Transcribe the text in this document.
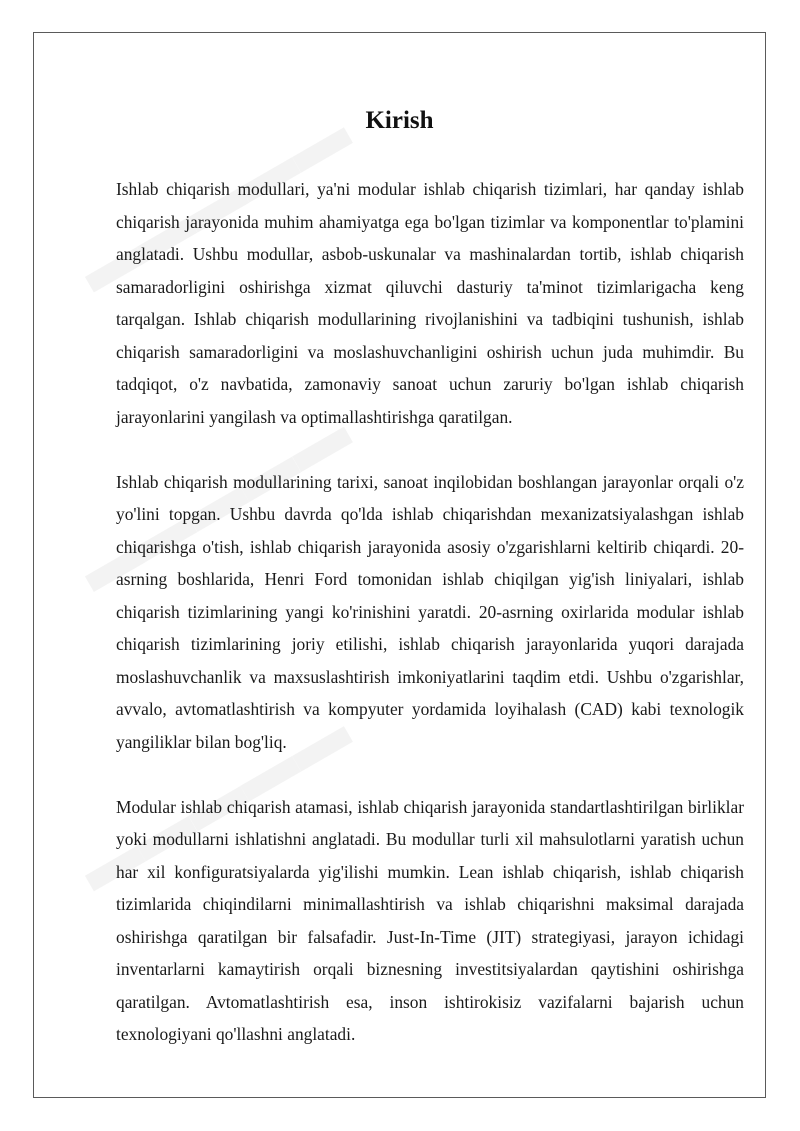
Kirish

Ishlab chiqarish modullari, ya'ni modular ishlab chiqarish tizimlari, har qanday ishlab chiqarish jarayonida muhim ahamiyatga ega bo'lgan tizimlar va komponentlar to'plamini anglatadi. Ushbu modullar, asbob-uskunalar va mashinalardan tortib, ishlab chiqarish samaradorligini oshirishga xizmat qiluvchi dasturiy ta'minot tizimlarigacha keng tarqalgan. Ishlab chiqarish modullarining rivojlanishini va tadbiqini tushunish, ishlab chiqarish samaradorligini va moslashuvchanligini oshirish uchun juda muhimdir. Bu tadqiqot, o'z navbatida, zamonaviy sanoat uchun zaruriy bo'lgan ishlab chiqarish jarayonlarini yangilash va optimallashtirishga qaratilgan.

Ishlab chiqarish modullarining tarixi, sanoat inqilobidan boshlangan jarayonlar orqali o'z yo'lini topgan. Ushbu davrda qo'lda ishlab chiqarishdan mexanizatsiyalashgan ishlab chiqarishga o'tish, ishlab chiqarish jarayonida asosiy o'zgarishlarni keltirib chiqardi. 20-asrning boshlarida, Henri Ford tomonidan ishlab chiqilgan yig'ish liniyalari, ishlab chiqarish tizimlarining yangi ko'rinishini yaratdi. 20-asrning oxirlarida modular ishlab chiqarish tizimlarining joriy etilishi, ishlab chiqarish jarayonlarida yuqori darajada moslashuvchanlik va maxsuslashtirish imkoniyatlarini taqdim etdi. Ushbu o'zgarishlar, avvalo, avtomatlashtirish va kompyuter yordamida loyihalash (CAD) kabi texnologik yangiliklar bilan bog'liq.

Modular ishlab chiqarish atamasi, ishlab chiqarish jarayonida standartlashtirilgan birliklar yoki modullarni ishlatishni anglatadi. Bu modullar turli xil mahsulotlarni yaratish uchun har xil konfiguratsiyalarda yig'ilishi mumkin. Lean ishlab chiqarish, ishlab chiqarish tizimlarida chiqindilarni minimallashtirish va ishlab chiqarishni maksimal darajada oshirishga qaratilgan bir falsafadir. Just-In-Time (JIT) strategiyasi, jarayon ichidagi inventarlarni kamaytirish orqali biznesning investitsiyalardan qaytishini oshirishga qaratilgan. Avtomatlashtirish esa, inson ishtirokisiz vazifalarni bajarish uchun texnologiyani qo'llashni anglatadi.
